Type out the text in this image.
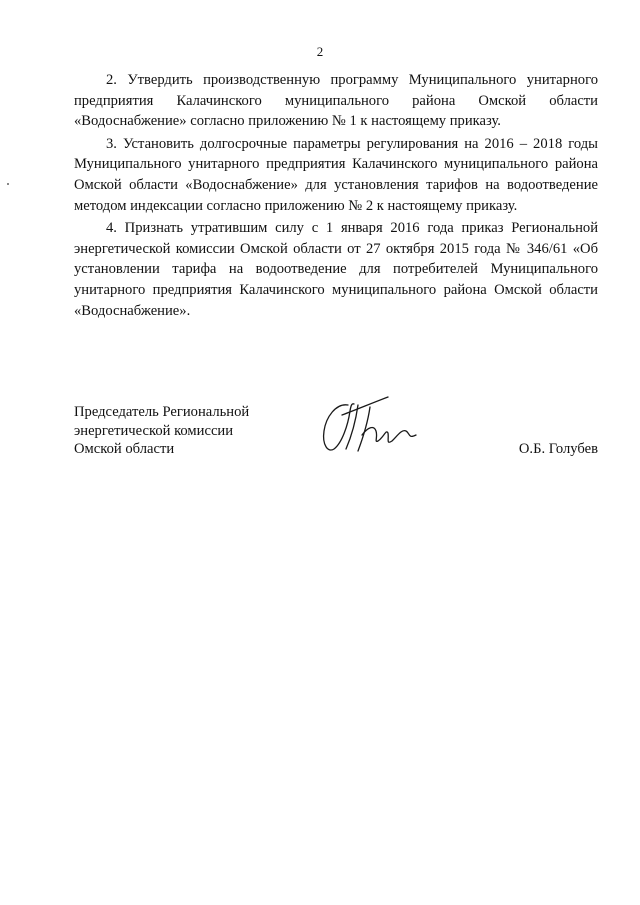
2

2. Утвердить производственную программу Муниципального унитарного предприятия Калачинского муниципального района Омской области «Водоснабжение» согласно приложению № 1 к настоящему приказу.

3. Установить долгосрочные параметры регулирования на 2016 – 2018 годы Муниципального унитарного предприятия Калачинского муниципального района Омской области «Водоснабжение» для установления тарифов на водоотведение методом индексации согласно приложению № 2 к настоящему приказу.

4. Признать утратившим силу с 1 января 2016 года приказ Региональной энергетической комиссии Омской области от 27 октября 2015 года № 346/61 «Об установлении тарифа на водоотведение для потребителей Муниципального унитарного предприятия Калачинского муниципального района Омской области «Водоснабжение».

Председатель Региональной
энергетической комиссии
Омской области	О.Б. Голубев
